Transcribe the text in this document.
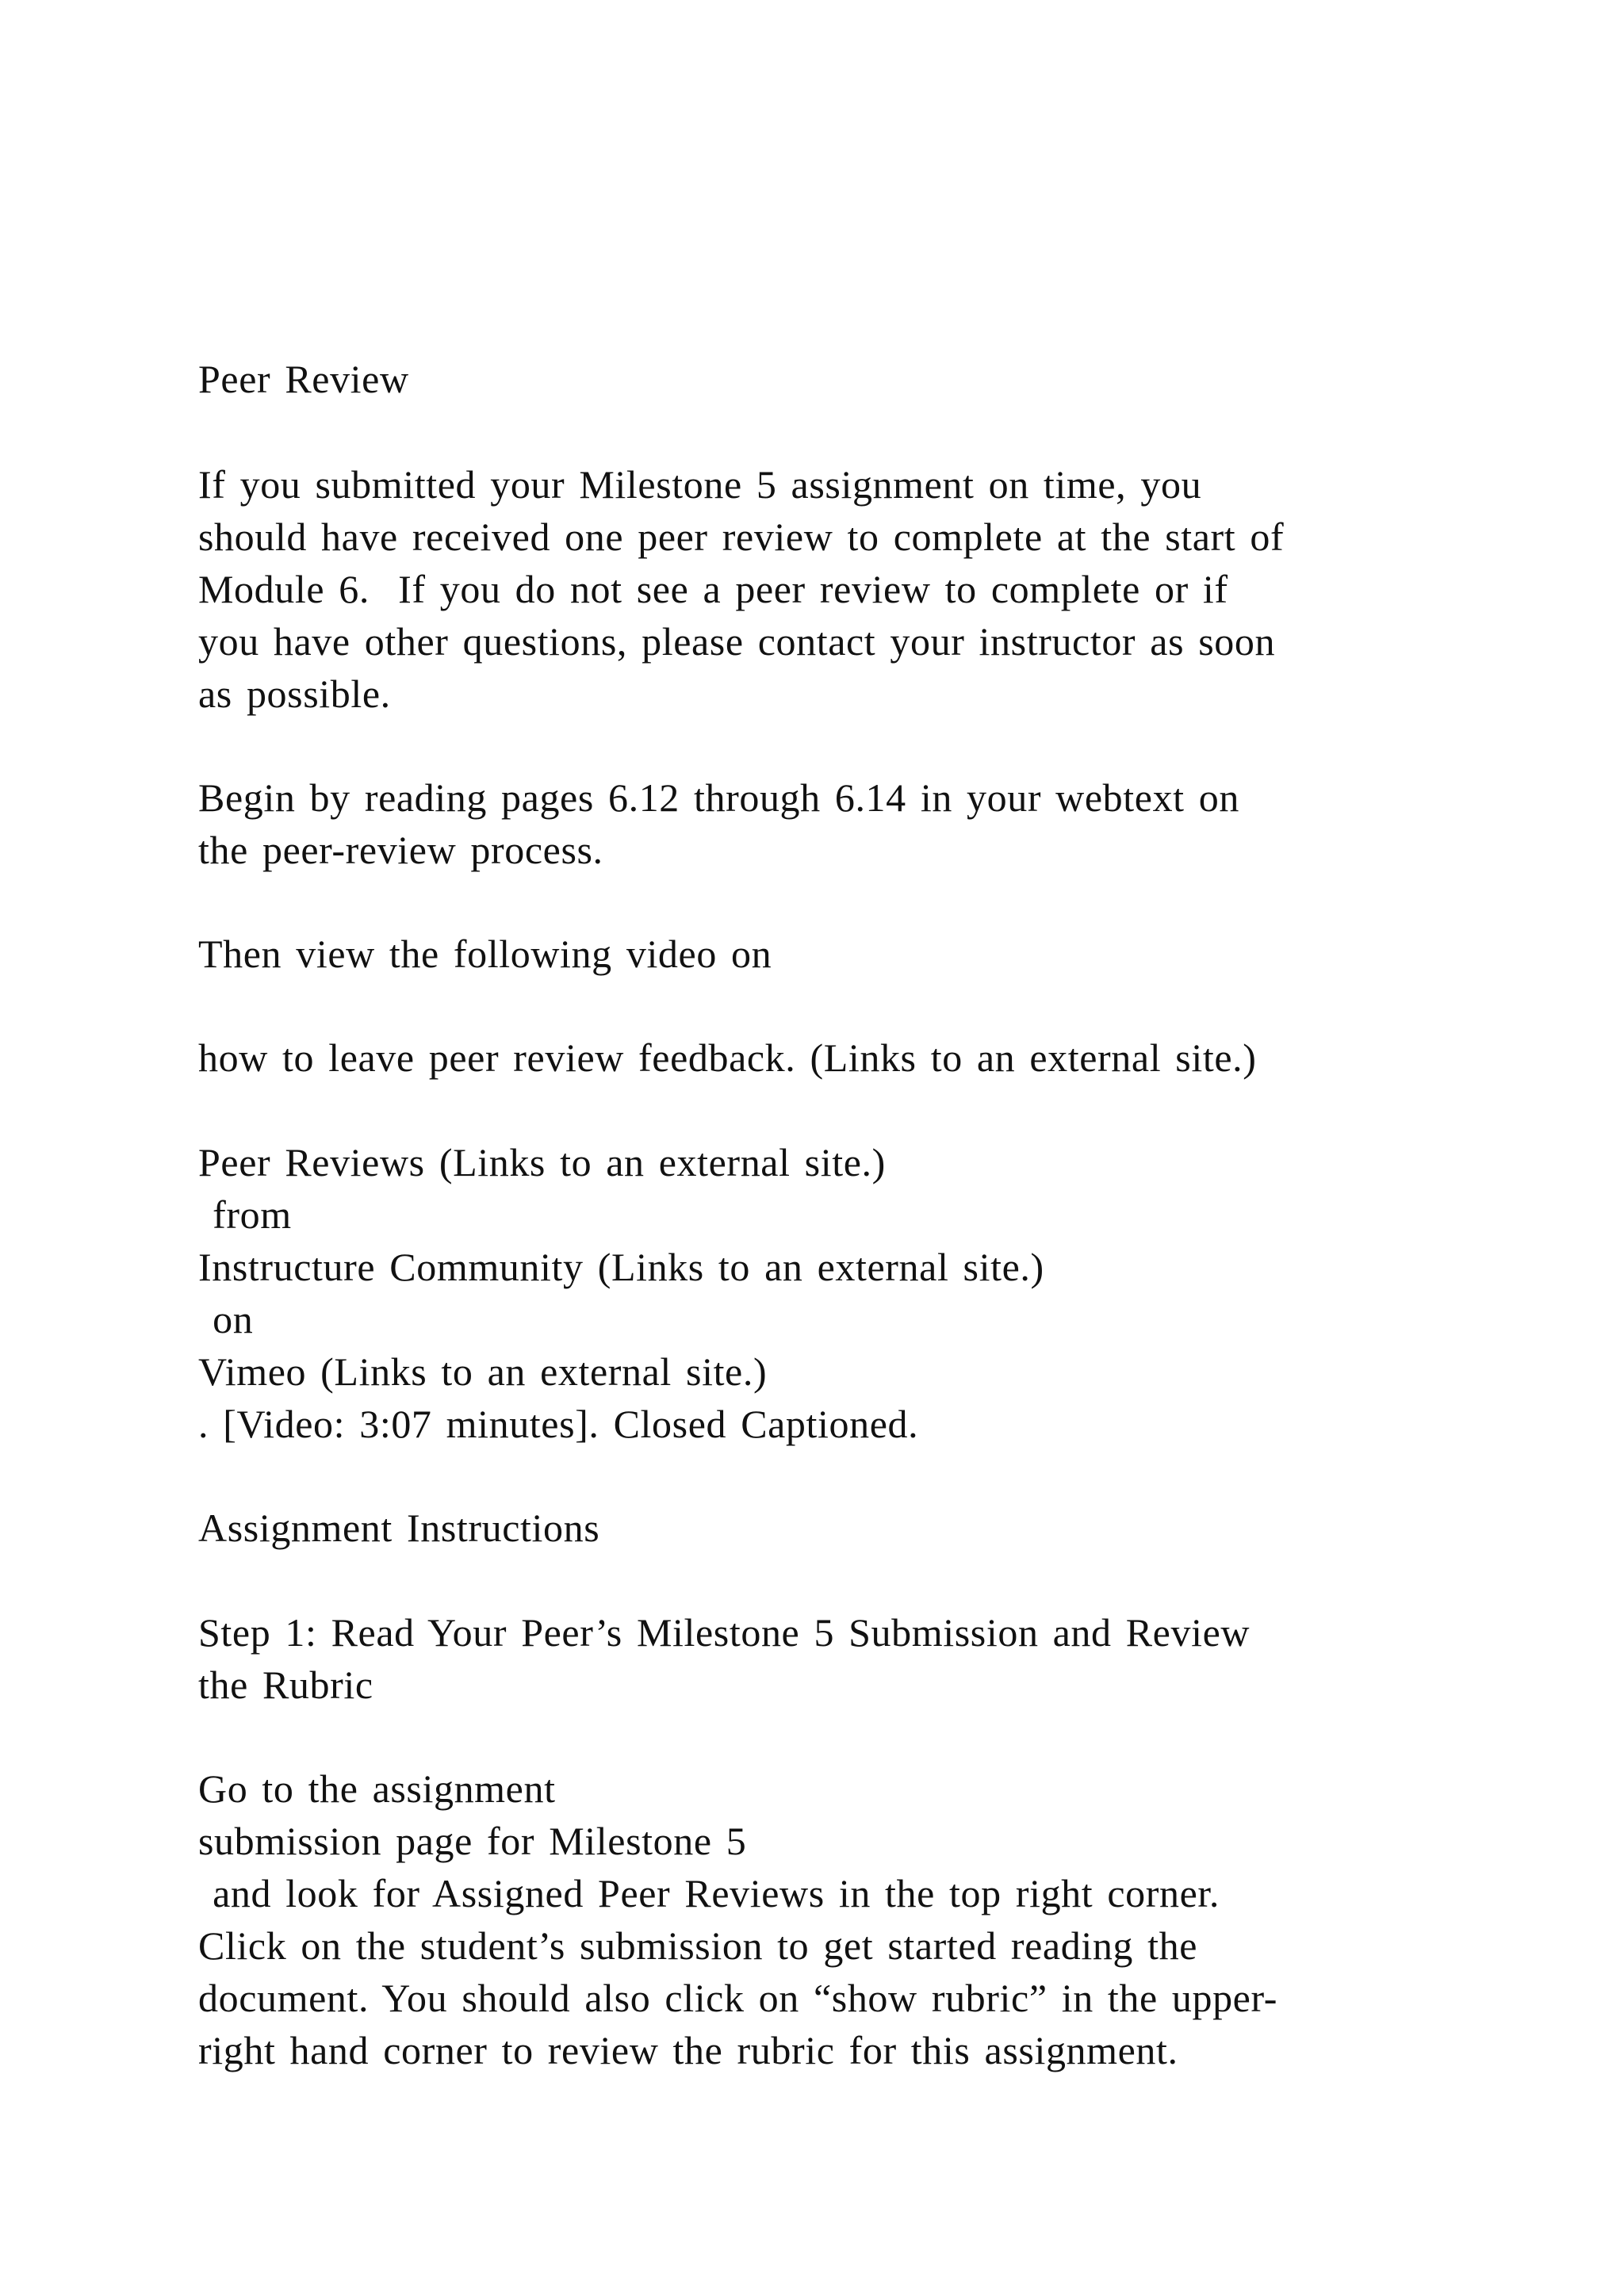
Peer Review
If you submitted your Milestone 5 assignment on time, you
should have received one peer review to complete at the start of
Module 6.  If you do not see a peer review to complete or if
you have other questions, please contact your instructor as soon
as possible.
Begin by reading pages 6.12 through 6.14 in your webtext on
the peer-review process.
Then view the following video on
how to leave peer review feedback. (Links to an external site.)
Peer Reviews (Links to an external site.)
from
Instructure Community (Links to an external site.)
on
Vimeo (Links to an external site.)
. [Video: 3:07 minutes]. Closed Captioned.
Assignment Instructions
Step 1: Read Your Peer’s Milestone 5 Submission and Review
the Rubric
Go to the assignment
submission page for Milestone 5
and look for Assigned Peer Reviews in the top right corner.
Click on the student’s submission to get started reading the
document. You should also click on “show rubric” in the upper-
right hand corner to review the rubric for this assignment.
